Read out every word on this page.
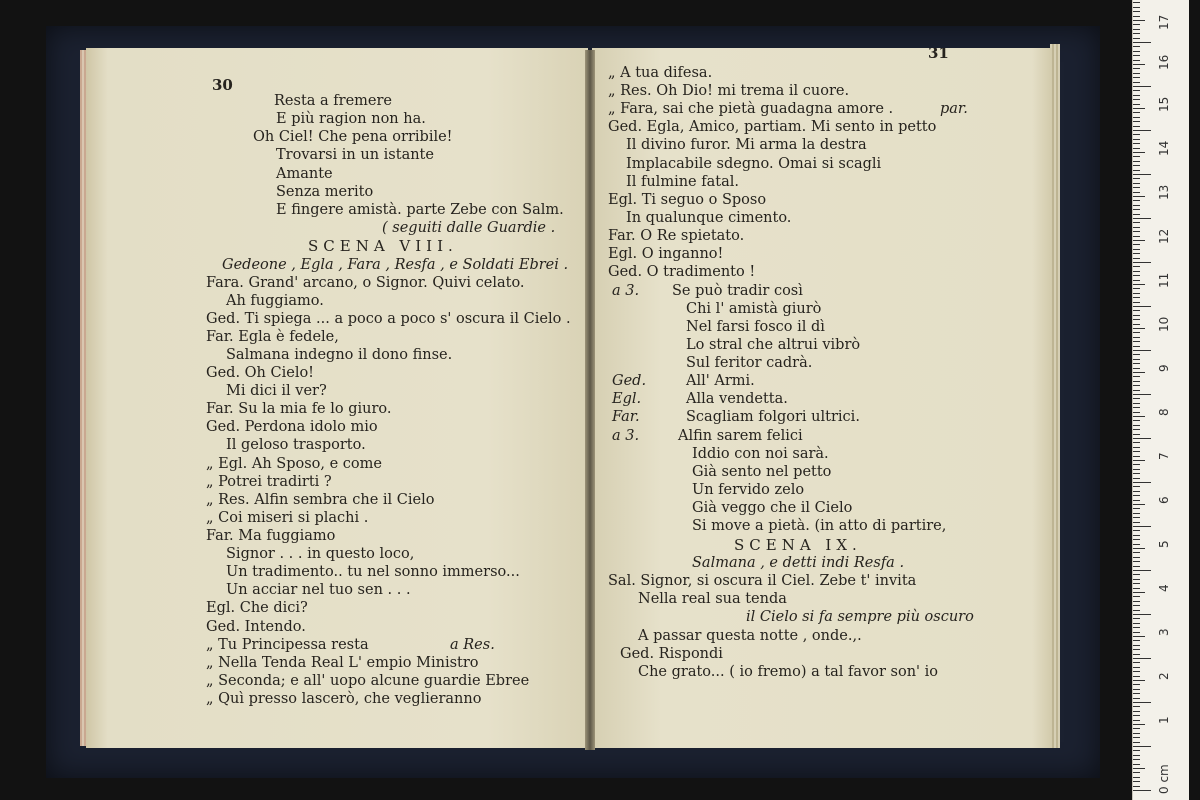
30
Resta a fremere
E più ragion non ha.
Oh Ciel! Che pena orribile!
Trovarsi in un istante
Amante
Senza merito
E fingere amistà. parte Zebe con Salm.
( seguiti dalle Guardie .
SCENA VIII.
Gedeone , Egla , Fara , Resfa , e Soldati Ebrei .
Fara. Grand' arcano, o Signor. Quivi celato.
Ah fuggiamo.
Ged. Ti spiega ... a poco a poco s' oscura il Cielo .
Far. Egla è fedele,
Salmana indegno il dono finse.
Ged. Oh Cielo!
Mi dici il ver?
Far. Su la mia fe lo giuro.
Ged. Perdona idolo mio
Il geloso trasporto.
„ Egl. Ah Sposo, e come
„ Potrei tradirti ?
„ Res. Alfin sembra che il Cielo
„ Coi miseri si plachi .
Far. Ma fuggiamo
Signor . . . in questo loco,
Un tradimento.. tu nel sonno immerso...
Un acciar nel tuo sen . . .
Egl. Che dici?
Ged. Intendo.
„ Tu Principessa resta	a Res.
„ Nella Tenda Real L' empio Ministro
„ Seconda; e all' uopo alcune guardie Ebree
„ Quì presso lascerò, che veglieranno
31
„ A tua difesa.
„ Res. Oh Dio! mi trema il cuore.
„ Fara, sai che pietà guadagna amore .	par.
Ged. Egla, Amico, partiam. Mi sento in petto
Il divino furor. Mi arma la destra
Implacabile sdegno. Omai si scagli
Il fulmine fatal.
Egl. Ti seguo o Sposo
In qualunque cimento.
Far. O Re spietato.
Egl. O inganno!
Ged. O tradimento !
a 3. Se può tradir così
Chi l' amistà giurò
Nel farsi fosco il dì
Lo stral che altrui vibrò
Sul feritor cadrà.
Ged.	All' Armi.
Egl.	Alla vendetta.
Far.	Scagliam folgori ultrici.
a 3.	Alfin sarem felici
Iddio con noi sarà.
Già sento nel petto
Un fervido zelo
Già veggo che il Cielo
Si move a pietà. (in atto di partire,
SCENA IX.
Salmana , e detti indi Resfa .
Sal. Signor, si oscura il Ciel. Zebe t' invita
Nella real sua tenda
il Cielo si fa sempre più oscuro
A passar questa notte , onde.,.
Ged. Rispondi
Che grato... ( io fremo) a tal favor son' io
0 cm
1
2
3
4
5
6
7
8
9
10
11
12
13
14
15
16
17
